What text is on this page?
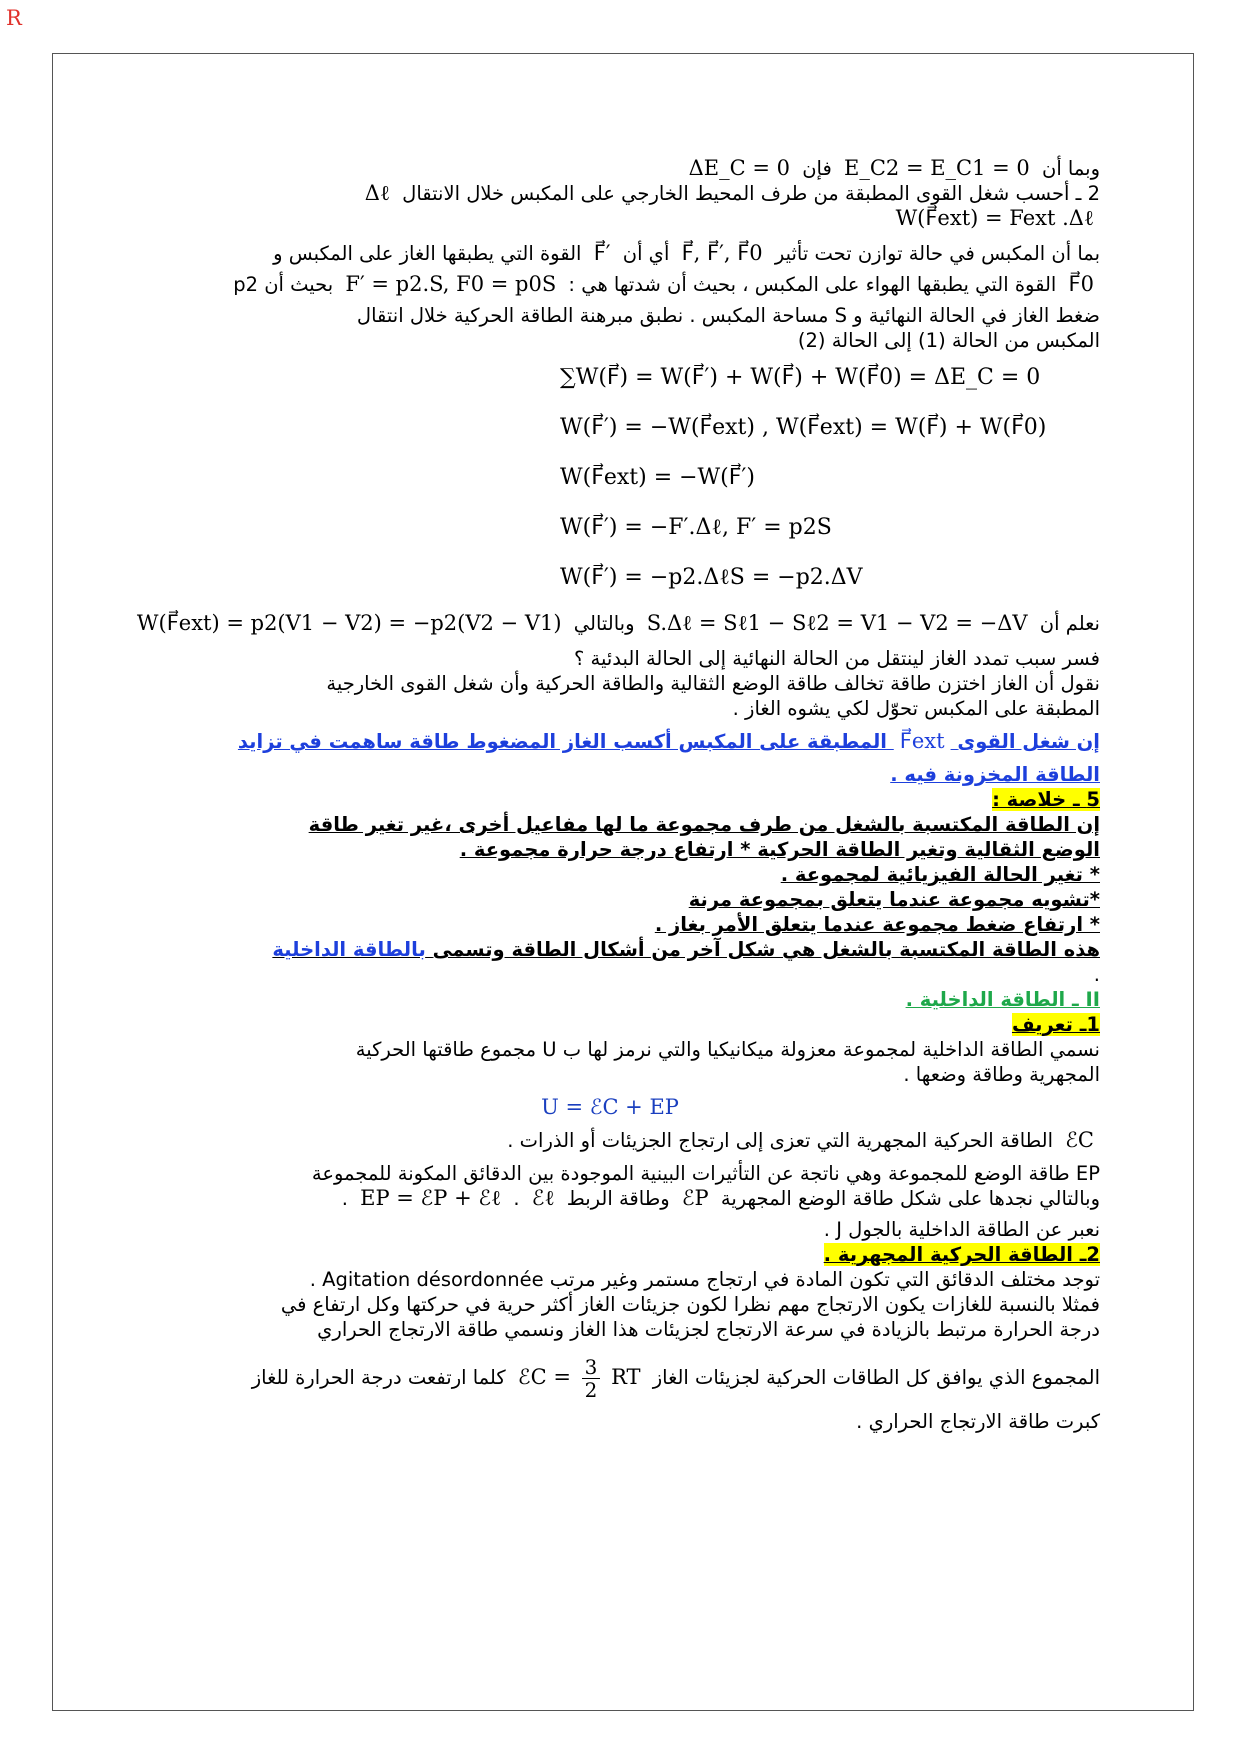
R
وبما أن E_C2 = E_C1 = 0 فإن ΔE_C = 0
2 ـ أحسب شغل القوى المطبقة من طرف المحيط الخارجي على المكبس خلال الانتقال Δℓ
W(F⃗ext) = Fext .Δℓ
بما أن المكبس في حالة توازن تحت تأثير F⃗, F⃗′, F⃗0 أي أن F⃗′ القوة التي يطبقها الغاز على المكبس و
F⃗0 القوة التي يطبقها الهواء على المكبس ، بحيث أن شدتها هي : F′ = p2.S, F0 = p0S بحيث أن p2
ضغط الغاز في الحالة النهائية و S مساحة المكبس . نطبق مبرهنة الطاقة الحركية خلال انتقال
المكبس من الحالة (1) إلى الحالة (2)
∑W(F⃗) = W(F⃗′) + W(F⃗) + W(F⃗0) = ΔE_C = 0
W(F⃗′) = −W(F⃗ext) , W(F⃗ext) = W(F⃗) + W(F⃗0)
W(F⃗ext) = −W(F⃗′)
W(F⃗′) = −F′.Δℓ, F′ = p2S
W(F⃗′) = −p2.ΔℓS = −p2.ΔV
نعلم أن S.Δℓ = Sℓ1 − Sℓ2 = V1 − V2 = −ΔV وبالتالي W(F⃗ext) = p2(V1 − V2) = −p2(V2 − V1)
فسر سبب تمدد الغاز لينتقل من الحالة النهائية إلى الحالة البدئية ؟
نقول أن الغاز اختزن طاقة تخالف طاقة الوضع الثقالية والطاقة الحركية وأن شغل القوى الخارجية
المطبقة على المكبس تحوّل لكي يشوه الغاز .
إن شغل القوى F⃗ext المطبقة على المكبس أكسب الغاز المضغوط طاقة ساهمت في تزايد
الطاقة المخزونة فيه .
5 ـ خلاصة :
إن الطاقة المكتسبة بالشغل من طرف مجموعة ما لها مفاعيل أخرى ،غير تغير طاقة
الوضع الثقالية وتغير الطاقة الحركية * ارتفاع درجة حرارة مجموعة .
* تغير الحالة الفيزيائية لمجموعة .
*تشويه مجموعة عندما يتعلق بمجموعة مرنة
* ارتفاع ضغط مجموعة عندما يتعلق الأمر بغاز .
هذه الطاقة المكتسبة بالشغل هي شكل آخر من أشكال الطاقة وتسمى بالطاقة الداخلية
.
II ـ الطاقة الداخلية .
1ـ تعريف
نسمي الطاقة الداخلية لمجموعة معزولة ميكانيكيا والتي نرمز لها ب U مجموع طاقتها الحركية
المجهرية وطاقة وضعها .
U = ℰC + EP
ℰC الطاقة الحركية المجهرية التي تعزى إلى ارتجاج الجزيئات أو الذرات .
EP طاقة الوضع للمجموعة وهي ناتجة عن التأثيرات البينية الموجودة بين الدقائق المكونة للمجموعة
وبالتالي نجدها على شكل طاقة الوضع المجهرية ℰP وطاقة الربط ℰℓ . EP = ℰP + ℰℓ .
نعبر عن الطاقة الداخلية بالجول J .
2ـ الطاقة الحركية المجهرية .
توجد مختلف الدقائق التي تكون المادة في ارتجاج مستمر وغير مرتب Agitation désordonnée .
فمثلا بالنسبة للغازات يكون الارتجاج مهم نظرا لكون جزيئات الغاز أكثر حرية في حركتها وكل ارتفاع في
درجة الحرارة مرتبط بالزيادة في سرعة الارتجاج لجزيئات هذا الغاز ونسمي طاقة الارتجاج الحراري
المجموع الذي يوافق كل الطاقات الحركية لجزيئات الغاز ℰC = $\frac{3}{2}$ RT كلما ارتفعت درجة الحرارة للغاز
كبرت طاقة الارتجاج الحراري .
